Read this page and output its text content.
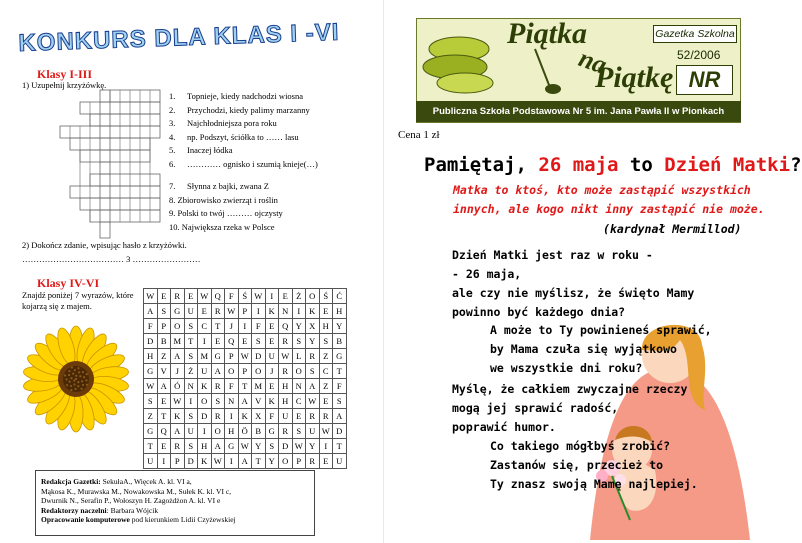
KONKURS DLA KLAS I -VI
Klasy I-III
1) Uzupełnij krzyżówkę.
1. Topnieje, kiedy nadchodzi wiosna
2. Przychodzi, kiedy palimy marzanny
3. Najchłodniejsza pora roku
4. np. Podszyt, ściółka to …… lasu
5. Inaczej łódka
6. ………… ognisko i szumią knieje(…)
7. Słynna z bajki, zwana Z
8. Zbiorowisko zwierząt i roślin
9. Polski to twój ……… ojczysty
10. Największa rzeka w Polsce
2) Dokończ zdanie, wpisując hasło z krzyżówki.
……………………………… 3 ……………………
Klasy IV-VI
Znajdź poniżej 7 wyrazów, które kojarzą się z majem.
W	E	R	E	W	Q	F	Ś	W	I	E	Ż	O	Ś	Ć
A	S	G	U	E	R	W	P	I	K	N	I	K	E	H
F	P	O	S	C	T	J	I	F	E	Q	Y	X	H	Y
D	B	M	T	I	E	Q	E	S	E	R	S	Y	S	B
H	Z	A	S	M	G	P	W	D	U	W	L	R	Z	G
G	V	J	Ż	U	A	O	P	O	J	R	O	S	C	T
W	A	Ó	N	K	R	F	T	M	E	H	N	A	Z	F
S	E	W	I	O	S	N	A	V	K	H	C	W	E	S
Z	T	K	S	D	R	I	K	X	F	U	E	R	R	A
G	Q	A	U	I	O	H	Ö	B	G	R	S	U	W	D
T	E	R	S	H	A	G	W	Y	S	D	W	Y	I	T
U	I	P	D	K	W	I	A	T	Y	O	P	R	E	U
Redakcja Gazetki: SekułaA., Więcek A. kl. VI a,
Mąkosa K., Murawska M., Nowakowska M., Sułek K. kl. VI c,
Dwurnik N., Serafin P., Wołoszyn H. Zagożdżon A. kl. VI e
Redaktorzy naczelni: Barbara Wójcik
Opracowanie komputerowe pod kierunkiem Lidii Czyżewskiej
Piątka
na
Piątkę
Gazetka Szkolna
52/2006
NR
Publiczna Szkoła Podstawowa Nr 5 im. Jana Pawła II w Pionkach
Cena 1 zł
Pamiętaj, 26 maja to Dzień Matki?
Matka to ktoś, kto może zastąpić wszystkich innych, ale kogo nikt inny zastąpić nie może.
(kardynał Mermillod)
Dzień Matki jest raz w roku -
- 26 maja,
ale czy nie myślisz, że święto Mamy
powinno być każdego dnia?
A może to Ty powinieneś sprawić,
by Mama czuła się wyjątkowo
we wszystkie dni roku?
Myślę, że całkiem zwyczajne rzeczy
mogą jej sprawić radość,
poprawić humor.
Co takiego mógłbyś zrobić?
Zastanów się, przecież to
Ty znasz swoją Mamę najlepiej.
